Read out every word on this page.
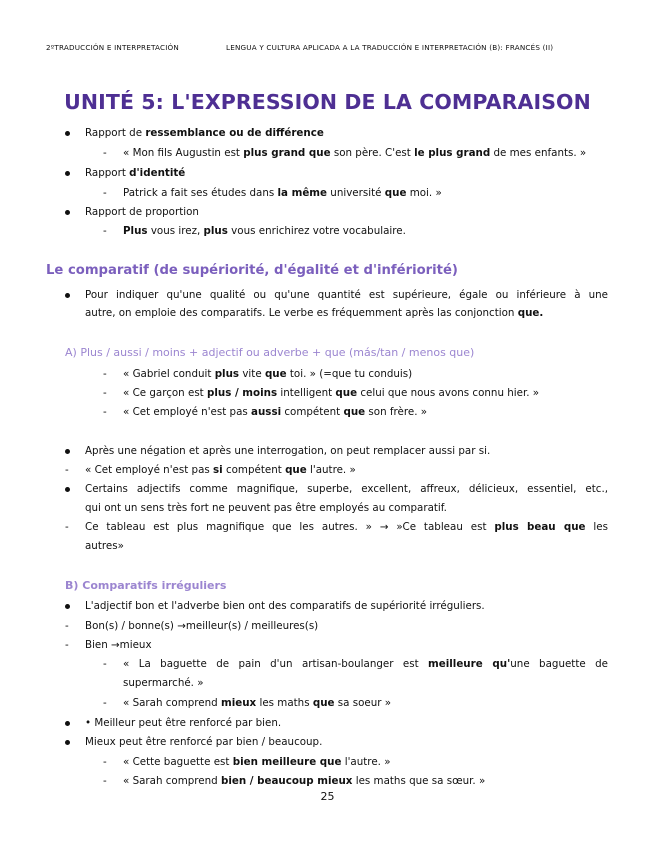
2ºTRADUCCIÓN E INTERPRETACIÓN	LENGUA Y CULTURA APLICADA A LA TRADUCCIÓN E INTERPRETACIÓN (B): FRANCÉS (II)
UNITÉ 5: L'EXPRESSION DE LA COMPARAISON
Rapport de ressemblance ou de différence
- « Mon fils Augustin est plus grand que son père. C'est le plus grand de mes enfants. »
Rapport d'identité
- Patrick a fait ses études dans la même université que moi. »
Rapport de proportion
- Plus vous irez, plus vous enrichirez votre vocabulaire.
Le comparatif (de supériorité, d'égalité et d'infériorité)
Pour indiquer qu'une qualité ou qu'une quantité est supérieure, égale ou inférieure à une
autre, on emploie des comparatifs. Le verbe es fréquemment après las conjonction que.
A) Plus / aussi / moins + adjectif ou adverbe + que (más/tan / menos que)
- « Gabriel conduit plus vite que toi. » (=que tu conduis)
- « Ce garçon est plus / moins intelligent que celui que nous avons connu hier. »
- « Cet employé n'est pas aussi compétent que son frère. »
Après une négation et après une interrogation, on peut remplacer aussi par si.
- « Cet employé n'est pas si compétent que l'autre. »
Certains adjectifs comme magnifique, superbe, excellent, affreux, délicieux, essentiel, etc.,
qui ont un sens très fort ne peuvent pas être employés au comparatif.
- Ce tableau est plus magnifique que les autres. » → »Ce tableau est plus beau que les
autres»
B) Comparatifs irréguliers
L'adjectif bon et l'adverbe bien ont des comparatifs de supériorité irréguliers.
- Bon(s) / bonne(s) →meilleur(s) / meilleures(s)
- Bien →mieux
- « La baguette de pain d'un artisan-boulanger est meilleure qu'une baguette de
supermarché. »
- « Sarah comprend mieux les maths que sa soeur »
• Meilleur peut être renforcé par bien.
Mieux peut être renforcé par bien / beaucoup.
- « Cette baguette est bien meilleure que l'autre. »
- « Sarah comprend bien / beaucoup mieux les maths que sa sœur. »
25
